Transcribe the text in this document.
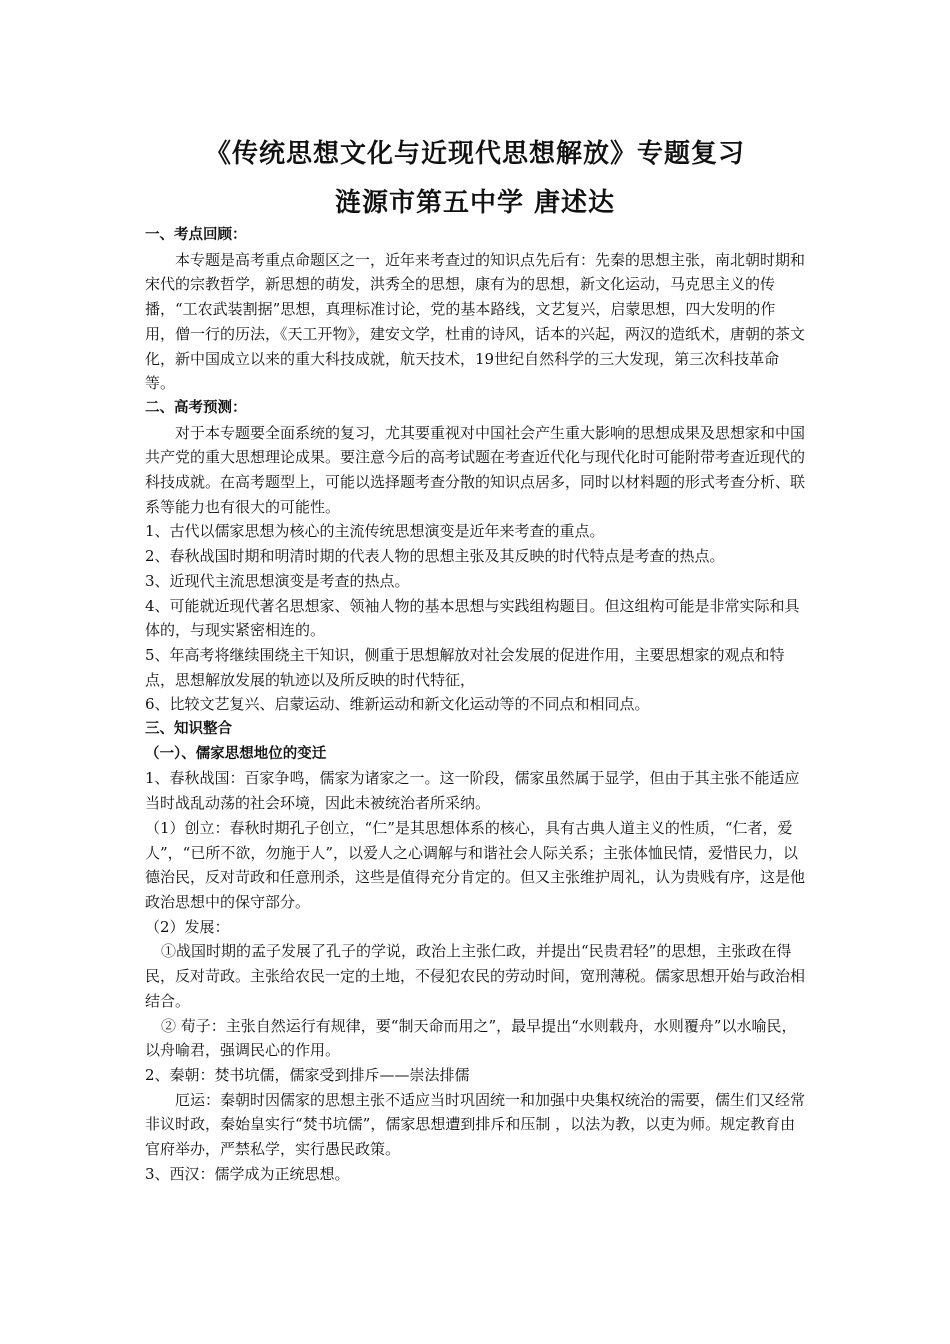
《传统思想文化与近现代思想解放》专题复习
涟源市第五中学 唐述达

一、考点回顾：

本专题是高考重点命题区之一，近年来考查过的知识点先后有：先秦的思想主张，南北朝时期和宋代的宗教哲学，新思想的萌发，洪秀全的思想，康有为的思想，新文化运动，马克思主义的传播，“工农武装割据”思想，真理标准讨论，党的基本路线，文艺复兴，启蒙思想，四大发明的作用，僧一行的历法，《天工开物》，建安文学，杜甫的诗风，话本的兴起，两汉的造纸术，唐朝的茶文化，新中国成立以来的重大科技成就，航天技术，19世纪自然科学的三大发现，第三次科技革命等。

二、高考预测：

对于本专题要全面系统的复习，尤其要重视对中国社会产生重大影响的思想成果及思想家和中国共产党的重大思想理论成果。要注意今后的高考试题在考查近代化与现代化时可能附带考查近现代的科技成就。在高考题型上，可能以选择题考查分散的知识点居多，同时以材料题的形式考查分析、联系等能力也有很大的可能性。

1、古代以儒家思想为核心的主流传统思想演变是近年来考查的重点。

2、春秋战国时期和明清时期的代表人物的思想主张及其反映的时代特点是考查的热点。

3、近现代主流思想演变是考查的热点。

4、可能就近现代著名思想家、领袖人物的基本思想与实践组构题目。但这组构可能是非常实际和具体的，与现实紧密相连的。

5、年高考将继续围绕主干知识，侧重于思想解放对社会发展的促进作用，主要思想家的观点和特点，思想解放发展的轨迹以及所反映的时代特征，

6、比较文艺复兴、启蒙运动、维新运动和新文化运动等的不同点和相同点。

三、知识整合

（一）、儒家思想地位的变迁

1、春秋战国：百家争鸣，儒家为诸家之一。这一阶段，儒家虽然属于显学，但由于其主张不能适应当时战乱动荡的社会环境，因此未被统治者所采纳。

（1）创立：春秋时期孔子创立，“仁”是其思想体系的核心，具有古典人道主义的性质，“仁者，爱人”，“已所不欲，勿施于人”，以爱人之心调解与和谐社会人际关系；主张体恤民情，爱惜民力，以德治民，反对苛政和任意刑杀，这些是值得充分肯定的。但又主张维护周礼，认为贵贱有序，这是他政治思想中的保守部分。

（2）发展：

①战国时期的孟子发展了孔子的学说，政治上主张仁政，并提出“民贵君轻”的思想，主张政在得民，反对苛政。主张给农民一定的土地，不侵犯农民的劳动时间，宽刑薄税。儒家思想开始与政治相结合。

② 荀子：主张自然运行有规律，要“制天命而用之”，最早提出“水则载舟，水则覆舟”以水喻民，以舟喻君，强调民心的作用。

2、秦朝：焚书坑儒，儒家受到排斥——崇法排儒

厄运：秦朝时因儒家的思想主张不适应当时巩固统一和加强中央集权统治的需要，儒生们又经常非议时政，秦始皇实行“焚书坑儒”，儒家思想遭到排斥和压制 ，以法为教，以吏为师。规定教育由官府举办，严禁私学，实行愚民政策。

3、西汉：儒学成为正统思想。
